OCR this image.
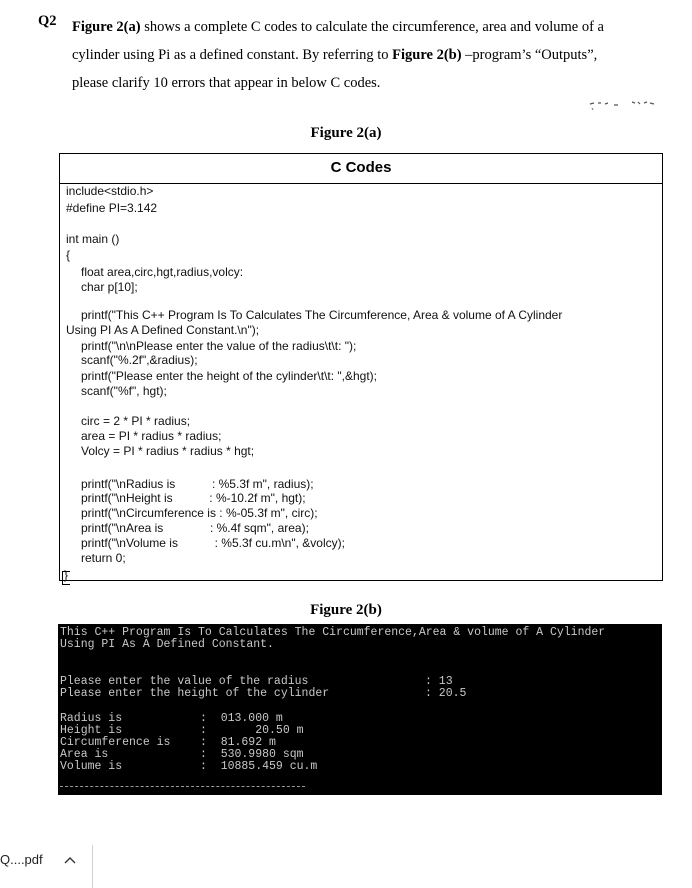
Q2 Figure 2(a) shows a complete C codes to calculate the circumference, area and volume of a
cylinder using Pi as a defined constant. By referring to Figure 2(b) –program’s “Outputs”,
please clarify 10 errors that appear in below C codes.
Figure 2(a)
C Codes
include<stdio.h>
#define PI=3.142
int main ()
{
float area,circ,hgt,radius,volcy:
char p[10];
printf("This C++ Program Is To Calculates The Circumference, Area & volume of A Cylinder
Using PI As A Defined Constant.\n");
printf("\n\nPlease enter the value of the radius\t\t: ");
scanf("%.2f",&radius);
printf("Please enter the height of the cylinder\t\t: ",&hgt);
scanf("%f", hgt);
circ = 2 * PI * radius;
area = PI * radius * radius;
Volcy = PI * radius * radius * hgt;
printf("\nRadius is           : %5.3f m", radius);
printf("\nHeight is           : %-10.2f m", hgt);
printf("\nCircumference is : %-05.3f m", circ);
printf("\nArea is              : %.4f sqm", area);
printf("\nVolume is           : %5.3f cu.m\n", &volcy);
return 0;
}
Figure 2(b)
This C++ Program Is To Calculates The Circumference,Area & volume of A Cylinder
Using PI As A Defined Constant.
Please enter the value of the radius
Please enter the height of the cylinder
: 13
: 20.5
Radius is
Height is
Circumference is
Area is
Volume is
:  013.000 m
:       20.50 m
:  81.692 m
:  530.9980 sqm
:  10885.459 cu.m
Q....pdf
